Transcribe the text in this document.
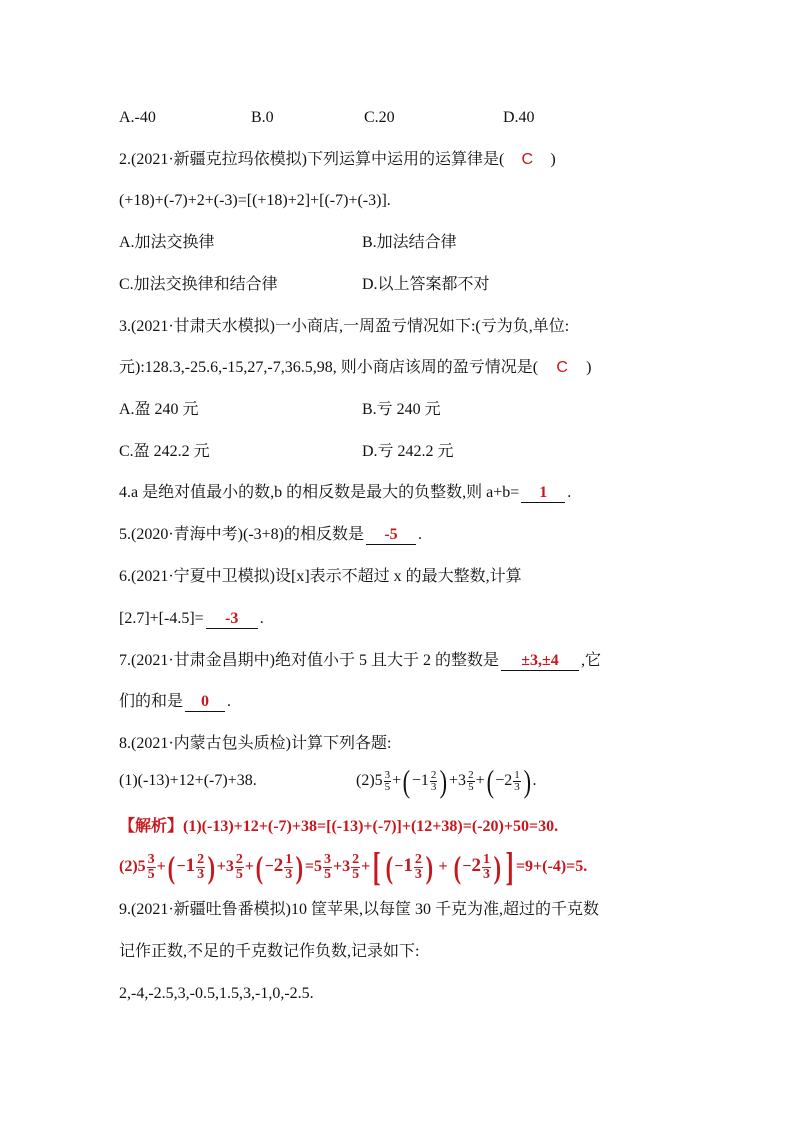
A.-40	B.0	C.20	D.40
2.(2021·新疆克拉玛依模拟)下列运算中运用的运算律是( C )
(+18)+(-7)+2+(-3)=[(+18)+2]+[(-7)+(-3)].
A.加法交换律	B.加法结合律
C.加法交换律和结合律	D.以上答案都不对
3.(2021·甘肃天水模拟)一小商店,一周盈亏情况如下:(亏为负,单位:
元):128.3,-25.6,-15,27,-7,36.5,98, 则小商店该周的盈亏情况是( C )
A.盈 240 元	B.亏 240 元
C.盈 242.2 元	D.亏 242.2 元
4.a 是绝对值最小的数,b 的相反数是最大的负整数,则 a+b= 1 .
5.(2020·青海中考)(-3+8)的相反数是 -5 .
6.(2021·宁夏中卫模拟)设[x]表示不超过 x 的最大整数,计算
[2.7]+[-4.5]= -3 .
7.(2021·甘肃金昌期中)绝对值小于 5 且大于 2 的整数是 ±3,±4 ,它
们的和是 0 .
8.(2021·内蒙古包头质检)计算下列各题:
(1)(-13)+12+(-7)+38.	$(2)5 \frac{3}{5} +(-1 \frac{2}{3} )+3 \frac{2}{5} +(-2 \frac{1}{3}$ ).
【解析】(1)(-13)+12+(-7)+38=[(-13)+(-7)]+(12+38)=(-20)+50=30.
$(2)5 \frac{3}{5} +(-1 \frac{2}{3} )+3 \frac{2}{5} +(-2 \frac{1}{3} )=5 \frac{3}{5} +3 \frac{2}{5}$ +[ ($-1 \frac{2}{3}$ ) + ($-2 \frac{1}{3}$ ) ] =9+(-4)=5.
9.(2021·新疆吐鲁番模拟)10 筐苹果,以每筐 30 千克为准,超过的千克数
记作正数,不足的千克数记作负数,记录如下:
2,-4,-2.5,3,-0.5,1.5,3,-1,0,-2.5.
